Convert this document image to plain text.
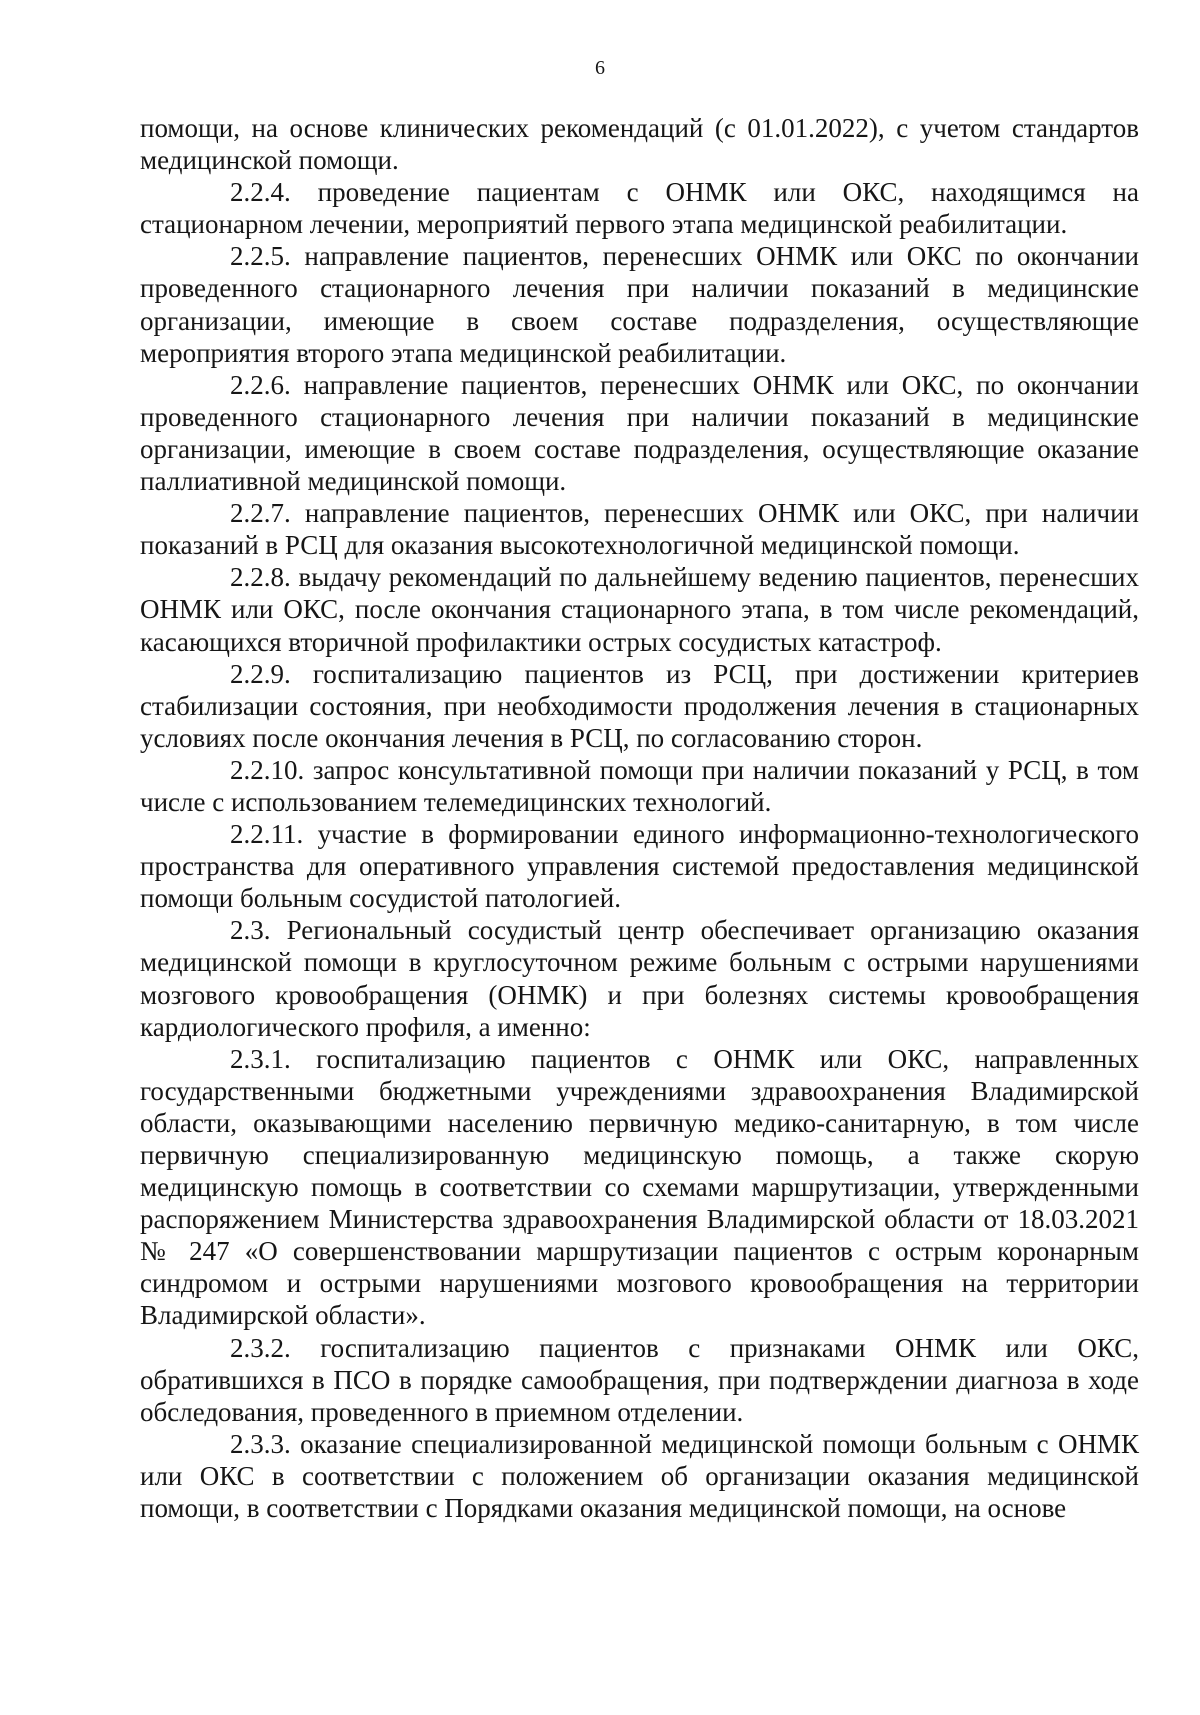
6

помощи, на основе клинических рекомендаций (с 01.01.2022), с учетом стандартов медицинской помощи.

2.2.4. проведение пациентам с ОНМК или ОКС, находящимся на стационарном лечении, мероприятий первого этапа медицинской реабилитации.

2.2.5. направление пациентов, перенесших ОНМК или ОКС по окончании проведенного стационарного лечения при наличии показаний в медицинские организации, имеющие в своем составе подразделения, осуществляющие мероприятия второго этапа медицинской реабилитации.

2.2.6. направление пациентов, перенесших ОНМК или ОКС, по окончании проведенного стационарного лечения при наличии показаний в медицинские организации, имеющие в своем составе подразделения, осуществляющие оказание паллиативной медицинской помощи.

2.2.7. направление пациентов, перенесших ОНМК или ОКС, при наличии показаний в РСЦ для оказания высокотехнологичной медицинской помощи.

2.2.8. выдачу рекомендаций по дальнейшему ведению пациентов, перенесших ОНМК или ОКС, после окончания стационарного этапа, в том числе рекомендаций, касающихся вторичной профилактики острых сосудистых катастроф.

2.2.9. госпитализацию пациентов из РСЦ, при достижении критериев стабилизации состояния, при необходимости продолжения лечения в стационарных условиях после окончания лечения в РСЦ, по согласованию сторон.

2.2.10. запрос консультативной помощи при наличии показаний у РСЦ, в том числе с использованием телемедицинских технологий.

2.2.11. участие в формировании единого информационно-технологического пространства для оперативного управления системой предоставления медицинской помощи больным сосудистой патологией.

2.3. Региональный сосудистый центр обеспечивает организацию оказания медицинской помощи в круглосуточном режиме больным с острыми нарушениями мозгового кровообращения (ОНМК) и при болезнях системы кровообращения кардиологического профиля, а именно:

2.3.1. госпитализацию пациентов с ОНМК или ОКС, направленных государственными бюджетными учреждениями здравоохранения Владимирской области, оказывающими населению первичную медико-санитарную, в том числе первичную специализированную медицинскую помощь, а также скорую медицинскую помощь в соответствии со схемами маршрутизации, утвержденными распоряжением Министерства здравоохранения Владимирской области от 18.03.2021 № 247 «О совершенствовании маршрутизации пациентов с острым коронарным синдромом и острыми нарушениями мозгового кровообращения на территории Владимирской области».

2.3.2. госпитализацию пациентов с признаками ОНМК или ОКС, обратившихся в ПСО в порядке самообращения, при подтверждении диагноза в ходе обследования, проведенного в приемном отделении.

2.3.3. оказание специализированной медицинской помощи больным с ОНМК или ОКС в соответствии с положением об организации оказания медицинской помощи, в соответствии с Порядками оказания медицинской помощи, на основе
